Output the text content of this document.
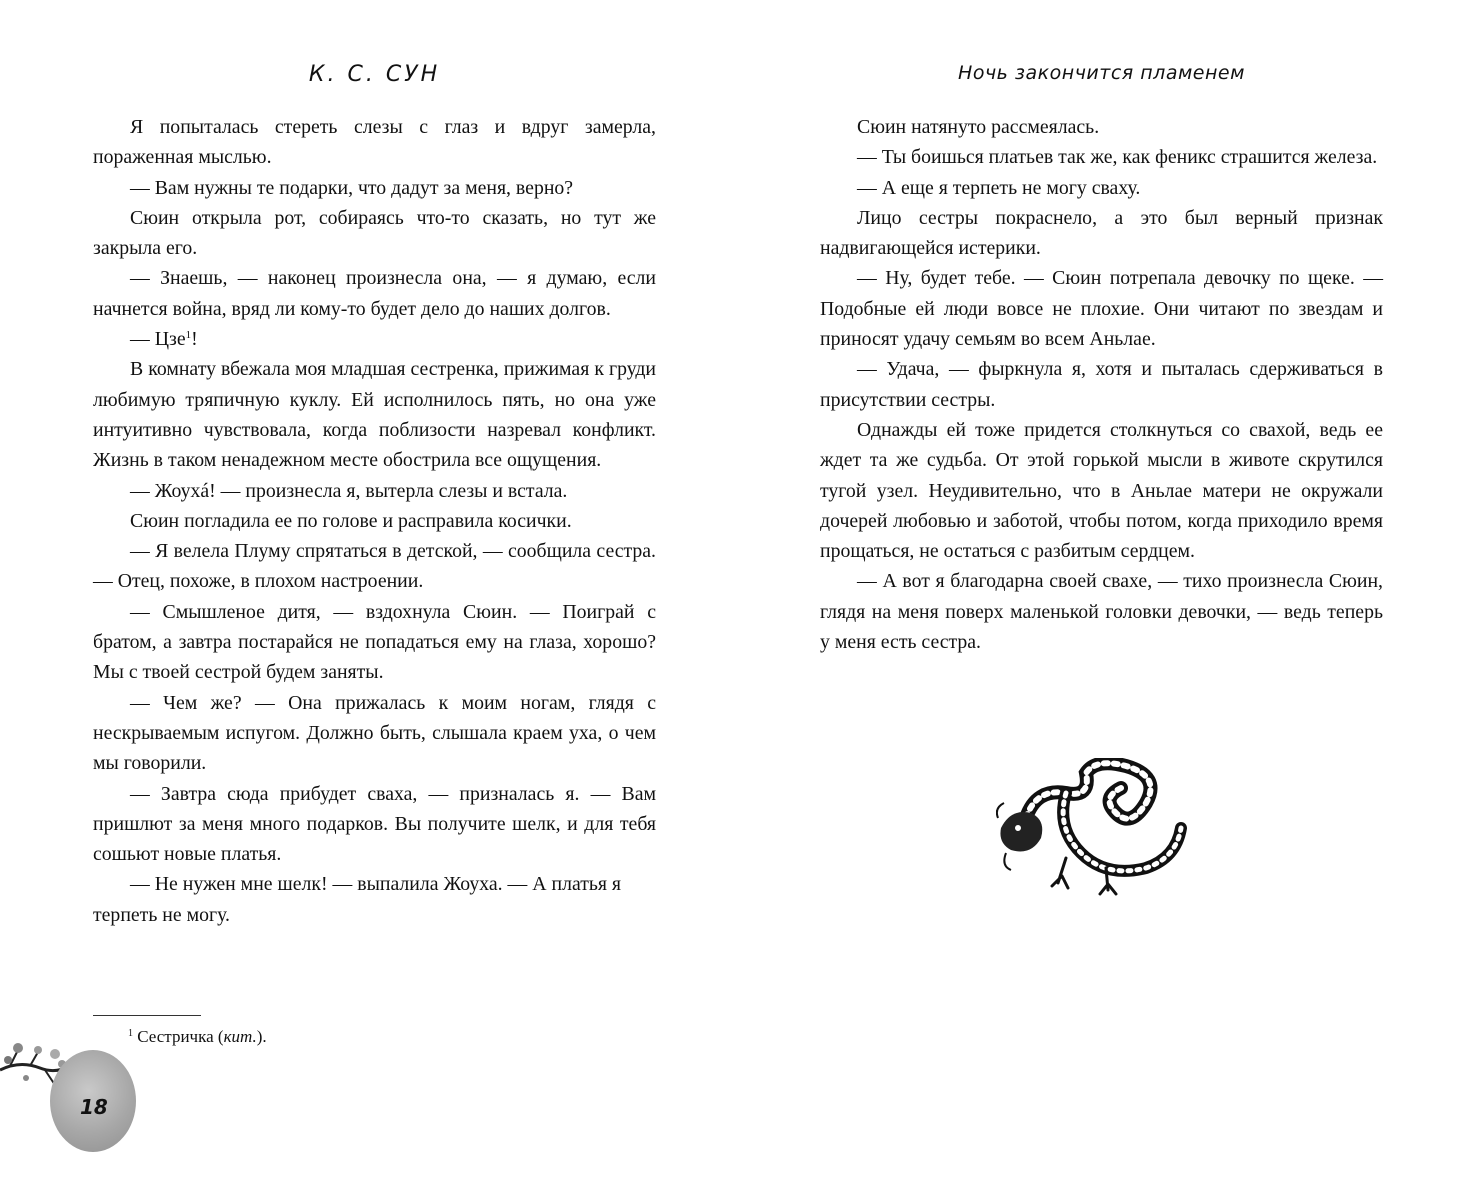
К. С. СУН

Я попыталась стереть слезы с глаз и вдруг замерла, пораженная мыслью.

— Вам нужны те подарки, что дадут за меня, верно?

Сюин открыла рот, собираясь что-то сказать, но тут же закрыла его.

— Знаешь, — наконец произнесла она, — я думаю, если начнется война, вряд ли кому-то будет дело до наших долгов.

— Цзе$^1$!

В комнату вбежала моя младшая сестренка, прижимая к груди любимую тряпичную куклу. Ей исполнилось пять, но она уже интуитивно чувствовала, когда поблизости назревал конфликт. Жизнь в таком ненадежном месте обострила все ощущения.

— Жоухá! — произнесла я, вытерла слезы и встала.

Сюин погладила ее по голове и расправила косички.

— Я велела Плуму спрятаться в детской, — сообщила сестра. — Отец, похоже, в плохом настроении.

— Смышленое дитя, — вздохнула Сюин. — Поиграй с братом, а завтра постарайся не попадаться ему на глаза, хорошо? Мы с твоей сестрой будем заняты.

— Чем же? — Она прижалась к моим ногам, глядя с нескрываемым испугом. Должно быть, слышала краем уха, о чем мы говорили.

— Завтра сюда прибудет сваха, — призналась я. — Вам пришлют за меня много подарков. Вы получите шелк, и для тебя сошьют новые платья.

— Не нужен мне шелк! — выпалила Жоуха. — А платья я терпеть не могу.

$^1$ Сестричка (кит.).

18
Ночь закончится пламенем

Сюин натянуто рассмеялась.

— Ты боишься платьев так же, как феникс страшится железа.

— А еще я терпеть не могу сваху.

Лицо сестры покраснело, а это был верный признак надвигающейся истерики.

— Ну, будет тебе. — Сюин потрепала девочку по щеке. — Подобные ей люди вовсе не плохие. Они читают по звездам и приносят удачу семьям во всем Аньлае.

— Удача, — фыркнула я, хотя и пыталась сдерживаться в присутствии сестры.

Однажды ей тоже придется столкнуться со свахой, ведь ее ждет та же судьба. От этой горькой мысли в животе скрутился тугой узел. Неудивительно, что в Аньлае матери не окружали дочерей любовью и заботой, чтобы потом, когда приходило время прощаться, не остаться с разбитым сердцем.

— А вот я благодарна своей свахе, — тихо произнесла Сюин, глядя на меня поверх маленькой головки девочки, — ведь теперь у меня есть сестра.
